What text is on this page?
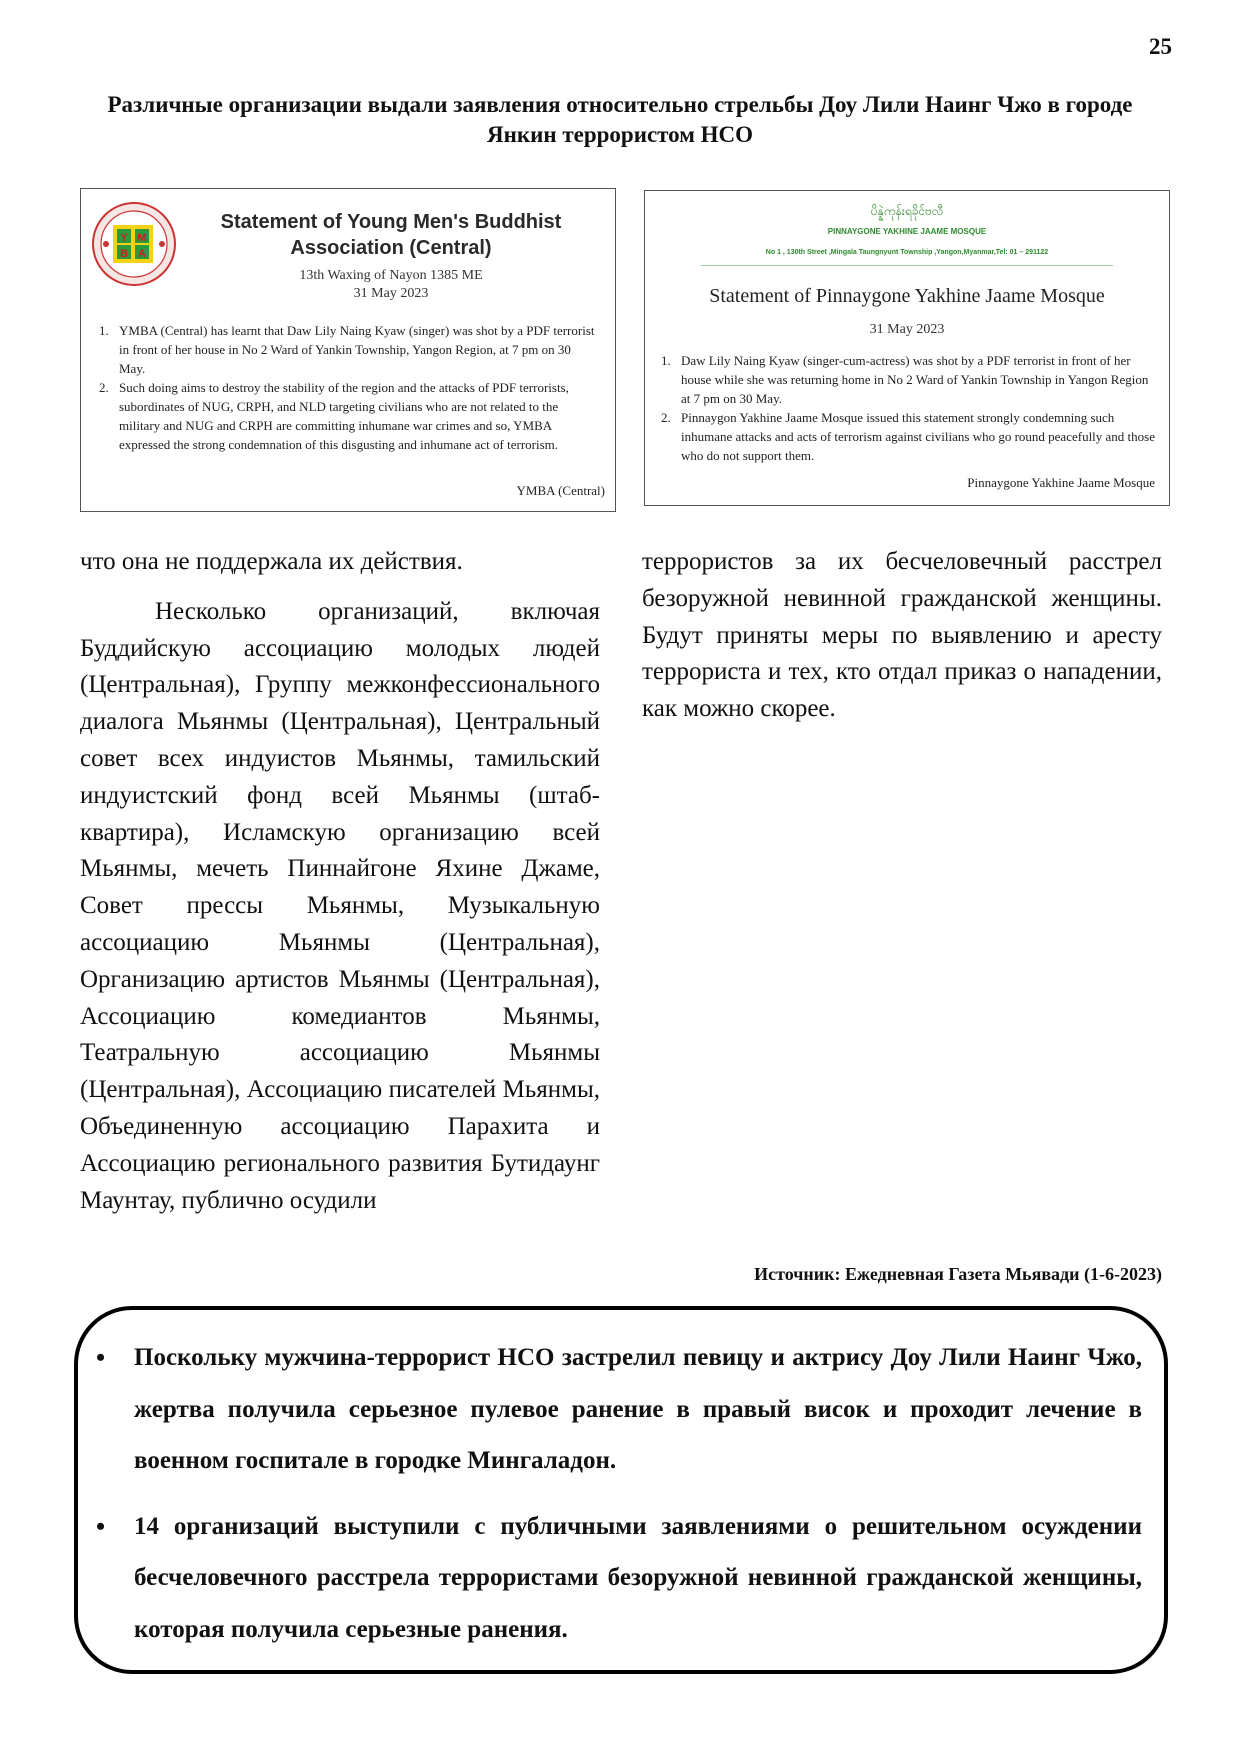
25
Различные организации выдали заявления относительно стрельбы Доу Лили Наинг Чжо в городе Янкин террористом НСО
Y M
B A
Statement of Young Men's Buddhist
Association (Central)
13th Waxing of Nayon 1385 ME
31 May 2023
1. YMBA (Central) has learnt that Daw Lily Naing Kyaw (singer) was shot by a PDF terrorist in front of her house in No 2 Ward of Yankin Township, Yangon Region, at 7 pm on 30 May.
2. Such doing aims to destroy the stability of the region and the attacks of PDF terrorists, subordinates of NUG, CRPH, and NLD targeting civilians who are not related to the military and NUG and CRPH are committing inhumane war crimes and so, YMBA expressed the strong condemnation of this disgusting and inhumane act of terrorism.
YMBA (Central)
ပိန္နဲကုန်းရခိုင်ဗလီ
PINNAYGONE YAKHINE JAAME MOSQUE
No 1 , 130th Street ,Mingala Taungnyunt Township ,Yangon,Myanmar,Tel: 01 – 291122
Statement of Pinnaygone Yakhine Jaame Mosque
31 May 2023
1. Daw Lily Naing Kyaw (singer-cum-actress) was shot by a PDF terrorist in front of her house while she was returning home in No 2 Ward of Yankin Township in Yangon Region at 7 pm on 30 May.
2. Pinnaygon Yakhine Jaame Mosque issued this statement strongly condemning such inhumane attacks and acts of terrorism against civilians who go round peacefully and those who do not support them.
Pinnaygone Yakhine Jaame Mosque

что она не поддержала их действия.

Несколько организаций, включая Буддийскую ассоциацию молодых людей (Центральная), Группу межконфессионального диалога Мьянмы (Центральная), Центральный совет всех индуистов Мьянмы, тамильский индуистский фонд всей Мьянмы (штаб-квартира), Исламскую организацию всей Мьянмы, мечеть Пиннайгоне Яхине Джаме, Совет прессы Мьянмы, Музыкальную ассоциацию Мьянмы (Центральная), Организацию артистов Мьянмы (Центральная), Ассоциацию комедиантов Мьянмы, Театральную ассоциацию Мьянмы (Центральная), Ассоциацию писателей Мьянмы, Объединенную ассоциацию Парахита и Ассоциацию регионального развития Бутидаунг Маунтау, публично осудили

террористов за их бесчеловечный расстрел безоружной невинной гражданской женщины. Будут приняты меры по выявлению и аресту террориста и тех, кто отдал приказ о нападении, как можно скорее.

Источник: Ежедневная Газета Мьявади (1-6-2023)
• Поскольку мужчина-террорист НСО застрелил певицу и актрису Доу Лили Наинг Чжо, жертва получила серьезное пулевое ранение в правый висок и проходит лечение в военном госпитале в городке Мингаладон.
• 14 организаций выступили с публичными заявлениями о решительном осуждении бесчеловечного расстрела террористами безоружной невинной гражданской женщины, которая получила серьезные ранения.
